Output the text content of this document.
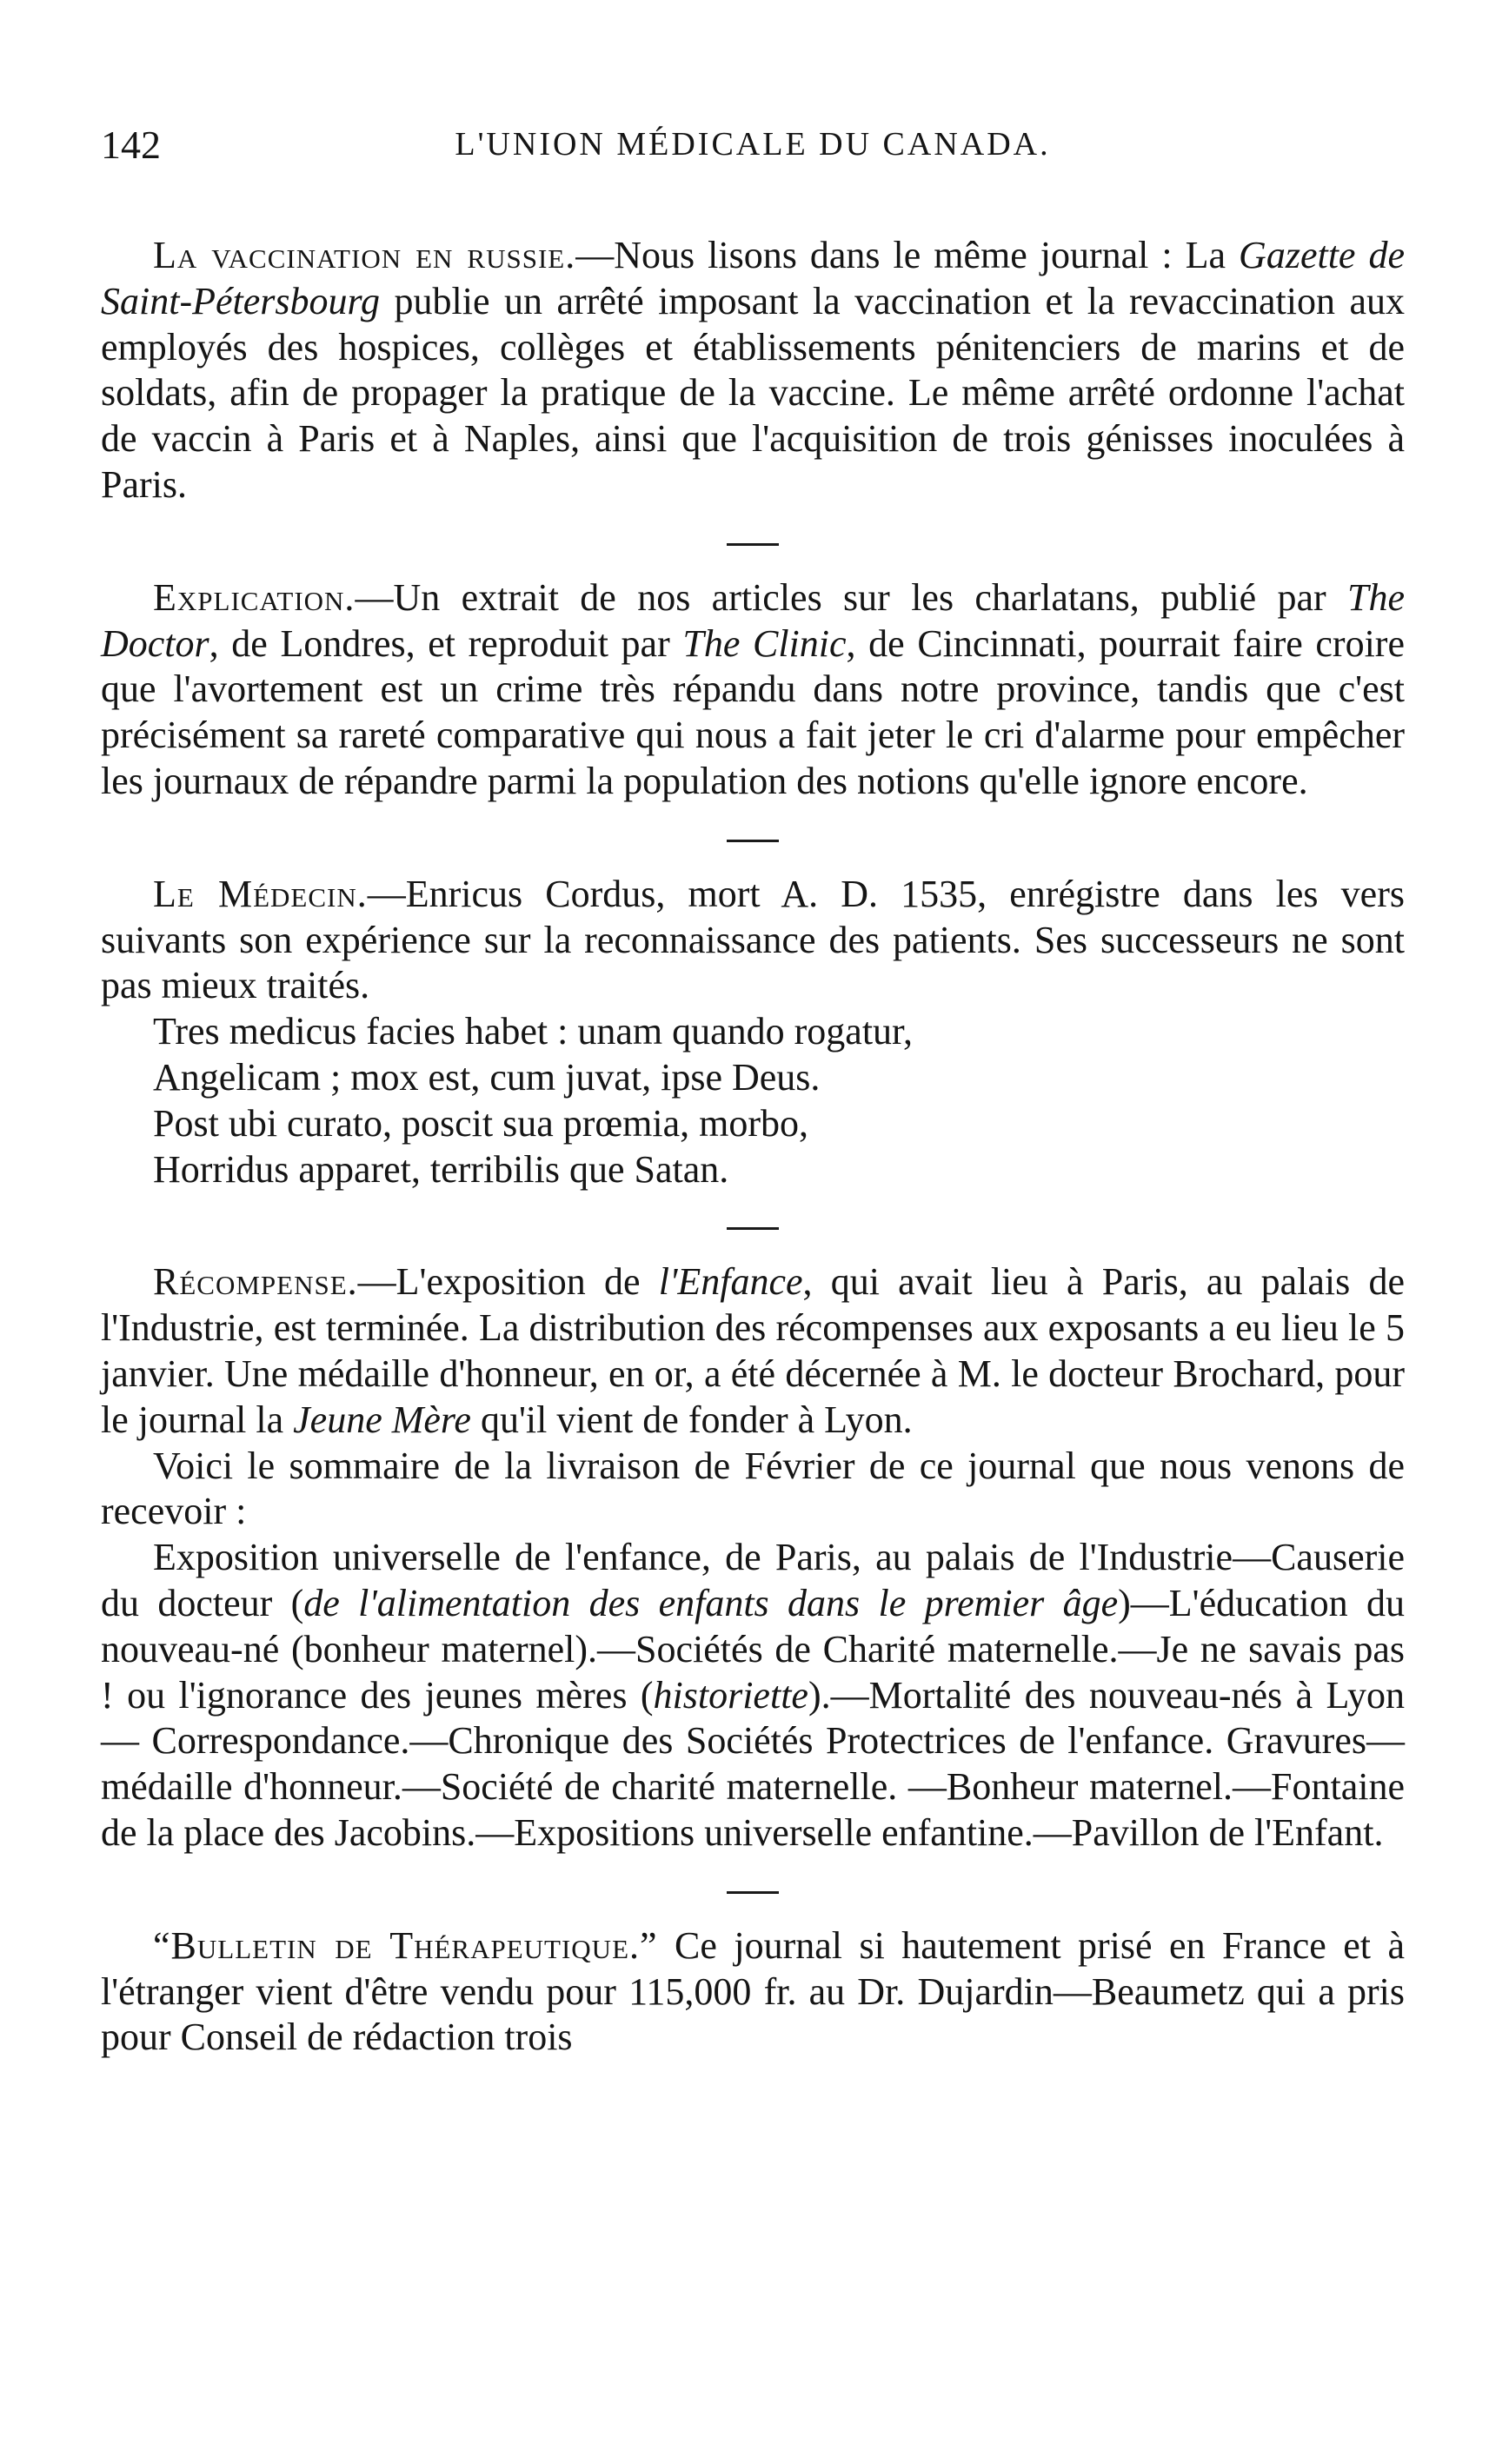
142	L'UNION MÉDICALE DU CANADA.

La vaccination en russie.—Nous lisons dans le même journal : La Gazette de Saint-Pétersbourg publie un arrêté imposant la vaccination et la revaccination aux employés des hospices, collèges et établissements pénitenciers de marins et de soldats, afin de propager la pratique de la vaccine. Le même arrêté ordonne l'achat de vaccin à Paris et à Naples, ainsi que l'acquisition de trois génisses inoculées à Paris.

Explication.—Un extrait de nos articles sur les charlatans, publié par The Doctor, de Londres, et reproduit par The Clinic, de Cincinnati, pourrait faire croire que l'avortement est un crime très répandu dans notre province, tandis que c'est précisément sa rareté comparative qui nous a fait jeter le cri d'alarme pour empêcher les journaux de répandre parmi la population des notions qu'elle ignore encore.

Le Médecin.—Enricus Cordus, mort A. D. 1535, enrégistre dans les vers suivants son expérience sur la reconnaissance des patients. Ses successeurs ne sont pas mieux traités.

Tres medicus facies habet : unam quando rogatur,
Angelicam ; mox est, cum juvat, ipse Deus.
Post ubi curato, poscit sua prœmia, morbo,
Horridus apparet, terribilis que Satan.

Récompense.—L'exposition de l'Enfance, qui avait lieu à Paris, au palais de l'Industrie, est terminée. La distribution des récompenses aux exposants a eu lieu le 5 janvier. Une médaille d'honneur, en or, a été décernée à M. le docteur Brochard, pour le journal la Jeune Mère qu'il vient de fonder à Lyon.

Voici le sommaire de la livraison de Février de ce journal que nous venons de recevoir :

Exposition universelle de l'enfance, de Paris, au palais de l'Industrie—Causerie du docteur (de l'alimentation des enfants dans le premier âge)—L'éducation du nouveau-né (bonheur maternel).—Sociétés de Charité maternelle.—Je ne savais pas ! ou l'ignorance des jeunes mères (historiette).—Mortalité des nouveau-nés à Lyon — Correspondance.—Chronique des Sociétés Protectrices de l'enfance. Gravures—médaille d'honneur.—Société de charité maternelle. —Bonheur maternel.—Fontaine de la place des Jacobins.—Expositions universelle enfantine.—Pavillon de l'Enfant.

“Bulletin de Thérapeutique.” Ce journal si hautement prisé en France et à l'étranger vient d'être vendu pour 115,000 fr. au Dr. Dujardin—Beaumetz qui a pris pour Conseil de rédaction trois
